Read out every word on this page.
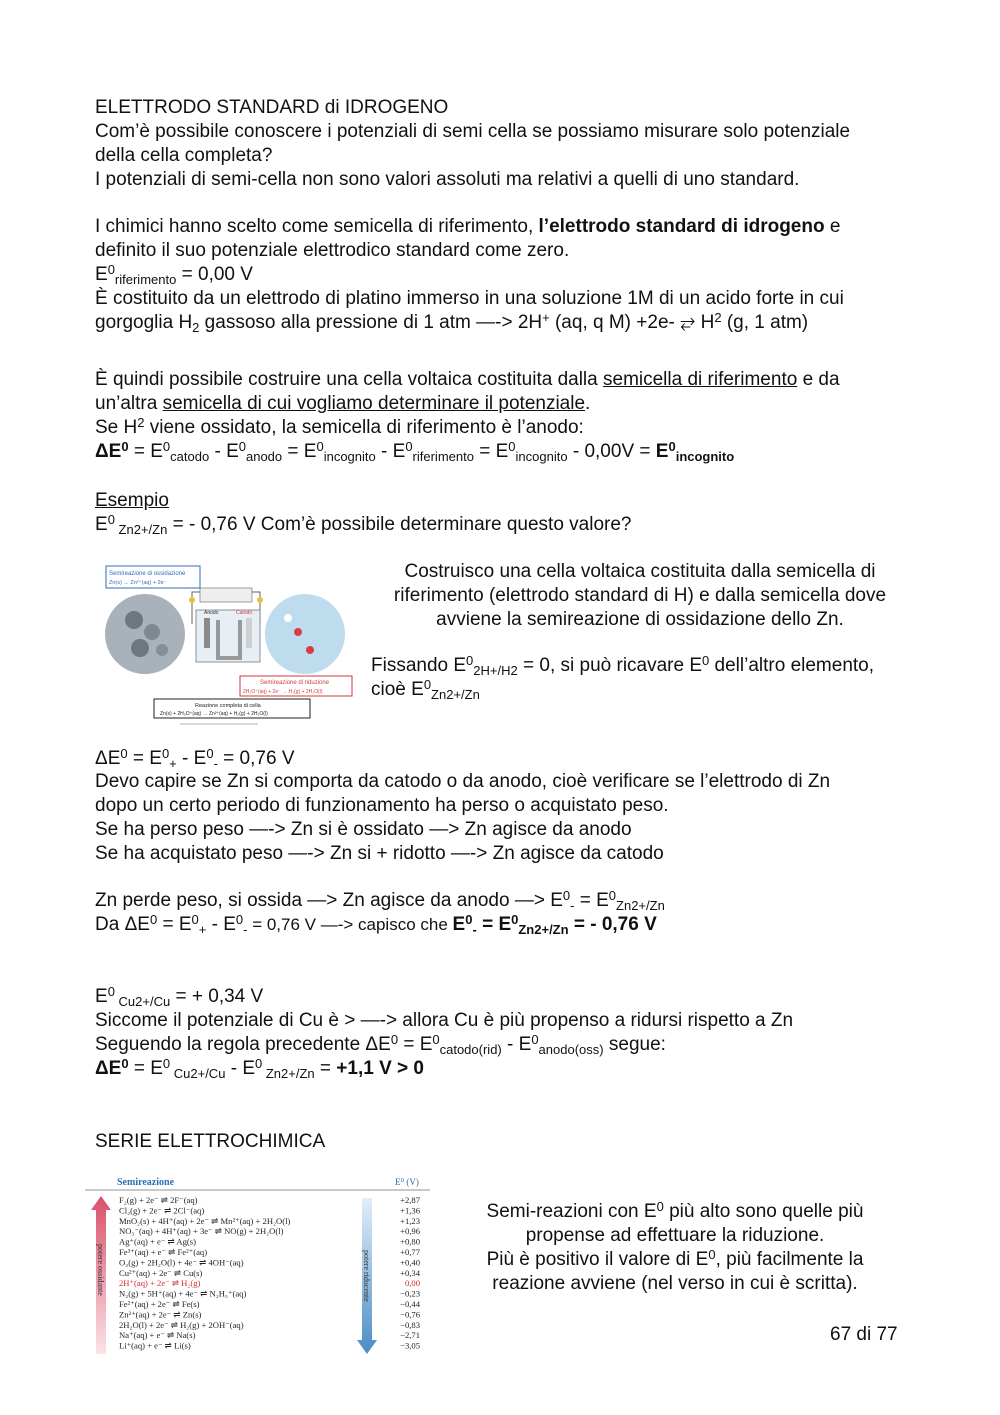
ELETTRODO STANDARD di IDROGENO
Com’è possibile conoscere i potenziali di semi cella se possiamo misurare solo potenziale
della cella completa?
I potenziali di semi-cella non sono valori assoluti ma relativi a quelli di uno standard.
I chimici hanno scelto come semicella di riferimento, l’elettrodo standard di idrogeno e
definito il suo potenziale elettrodico standard come zero.
$E^0_{riferimento} = 0,00$ V
È costituito da un elettrodo di platino immerso in una soluzione 1M di un acido forte in cui
gorgoglia $H_2$ gassoso alla pressione di 1 atm —-> 2H+ (aq, q M) +2e- ⥂ $H^2$ (g, 1 atm)
È quindi possibile costruire una cella voltaica costituita dalla semicella di riferimento e da
un’altra semicella di cui vogliamo determinare il potenziale.
Se $H^2$ viene ossidato, la semicella di riferimento è l’anodo:
$\Delta E^0 = E^0_{catodo} - E^0_{anodo} = E^0_{incognito} - E^0_{riferimento} = E^0_{incognito} - 0,00V = E^0_{incognito}$
Esempio
$E^0$ $_{Zn2+/Zn}$ = - 0,76 V Com’è possibile determinare questo valore?
Semireazione di ossidazione
Zn(s) → Zn²⁺(aq) + 2e⁻
Anodo	Catodo
Semireazione di riduzione
2H₃O⁺(aq) + 2e⁻ → H₂(g) + 2H₂O(l)
Reazione completa di cella
Zn(s) + 2H₃O⁺(aq) → Zn²⁺(aq) + H₂(g) + 2H₂O(l)
Costruisco una cella voltaica costituita dalla semicella di
riferimento (elettrodo standard di H) e dalla semicella dove
avviene la semireazione di ossidazione dello Zn.
Fissando $E^0_{2H+/H2} = 0$, si può ricavare $E^0$ dell’altro elemento,
cioè $E^0_{Zn2+/Zn}$
$\Delta E^0 = E^0_+ - E^0_- = 0,76$ V
Devo capire se Zn si comporta da catodo o da anodo, cioè verificare se l’elettrodo di Zn
dopo un certo periodo di funzionamento ha perso o acquistato peso.
Se ha perso peso —-> Zn si è ossidato —> Zn agisce da anodo
Se ha acquistato peso —-> Zn si + ridotto —-> Zn agisce da catodo
Zn perde peso, si ossida —> Zn agisce da anodo —> $E^0_- = E^0_{Zn2+/Zn}$
Da $\Delta E^0 = E^0_+ - E^0_- = 0,76$ V —-> capisco che $E^0_- = E^0_{Zn2+/Zn}$ = - 0,76 V
$E^0$ $_{Cu2+/Cu}$ = + 0,34 V
Siccome il potenziale di Cu è > —-> allora Cu è più propenso a ridursi rispetto a Zn
Seguendo la regola precedente $\Delta E^0 = E^0_{catodo(rid)} - E^0_{anodo(oss)}$ segue:
$\Delta E^0 = E^0$ $_{Cu2+/Cu} - E^0$ $_{Zn2+/Zn}$ = +1,1 V > 0
SERIE ELETTROCHIMICA
Semireazione	E⁰ (V)
potere ossidante	potere riducente
F₂(g) + 2e⁻ ⇌ 2F⁻(aq)	+2,87
Cl₂(g) + 2e⁻ ⇌ 2Cl⁻(aq)	+1,36
MnO₂(s) + 4H⁺(aq) + 2e⁻ ⇌ Mn²⁺(aq) + 2H₂O(l)	+1,23
NO₃⁻(aq) + 4H⁺(aq) + 3e⁻ ⇌ NO(g) + 2H₂O(l)	+0,96
Ag⁺(aq) + e⁻ ⇌ Ag(s)	+0,80
Fe³⁺(aq) + e⁻ ⇌ Fe²⁺(aq)	+0,77
O₂(g) + 2H₂O(l) + 4e⁻ ⇌ 4OH⁻(aq)	+0,40
Cu²⁺(aq) + 2e⁻ ⇌ Cu(s)	+0,34
2H⁺(aq) + 2e⁻ ⇌ H₂(g)	0,00
N₂(g) + 5H⁺(aq) + 4e⁻ ⇌ N₂H₅⁺(aq)	−0,23
Fe²⁺(aq) + 2e⁻ ⇌ Fe(s)	−0,44
Zn²⁺(aq) + 2e⁻ ⇌ Zn(s)	−0,76
2H₂O(l) + 2e⁻ ⇌ H₂(g) + 2OH⁻(aq)	−0,83
Na⁺(aq) + e⁻ ⇌ Na(s)	−2,71
Li⁺(aq) + e⁻ ⇌ Li(s)	−3,05
Semi-reazioni con $E^0$ più alto sono quelle più
propense ad effettuare la riduzione.
Più è positivo il valore di $E^0$, più facilmente la
reazione avviene (nel verso in cui è scritta).
67 di 77
